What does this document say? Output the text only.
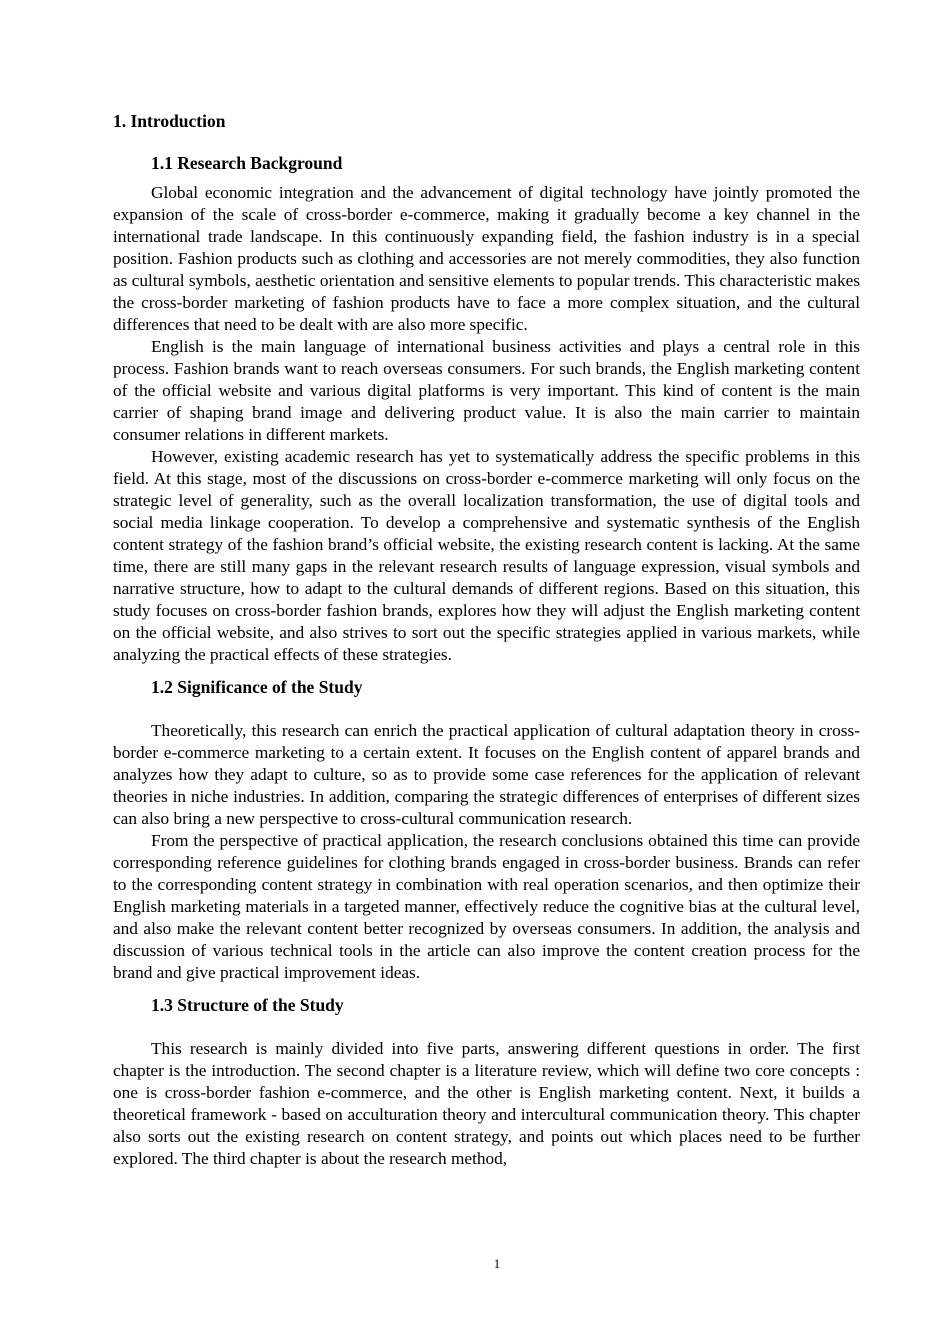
1. Introduction
1.1 Research Background

Global economic integration and the advancement of digital technology have jointly promoted the expansion of the scale of cross-border e-commerce, making it gradually become a key channel in the international trade landscape. In this continuously expanding field, the fashion industry is in a special position. Fashion products such as clothing and accessories are not merely commodities, they also function as cultural symbols, aesthetic orientation and sensitive elements to popular trends. This characteristic makes the cross-border marketing of fashion products have to face a more complex situation, and the cultural differences that need to be dealt with are also more specific.

English is the main language of international business activities and plays a central role in this process. Fashion brands want to reach overseas consumers. For such brands, the English marketing content of the official website and various digital platforms is very important. This kind of content is the main carrier of shaping brand image and delivering product value. It is also the main carrier to maintain consumer relations in different markets.

However, existing academic research has yet to systematically address the specific problems in this field. At this stage, most of the discussions on cross-border e-commerce marketing will only focus on the strategic level of generality, such as the overall localization transformation, the use of digital tools and social media linkage cooperation. To develop a comprehensive and systematic synthesis of the English content strategy of the fashion brand’s official website, the existing research content is lacking. At the same time, there are still many gaps in the relevant research results of language expression, visual symbols and narrative structure, how to adapt to the cultural demands of different regions. Based on this situation, this study focuses on cross-border fashion brands, explores how they will adjust the English marketing content on the official website, and also strives to sort out the specific strategies applied in various markets, while analyzing the practical effects of these strategies.

1.2 Significance of the Study

Theoretically, this research can enrich the practical application of cultural adaptation theory in cross-border e-commerce marketing to a certain extent. It focuses on the English content of apparel brands and analyzes how they adapt to culture, so as to provide some case references for the application of relevant theories in niche industries. In addition, comparing the strategic differences of enterprises of different sizes can also bring a new perspective to cross-cultural communication research.

From the perspective of practical application, the research conclusions obtained this time can provide corresponding reference guidelines for clothing brands engaged in cross-border business. Brands can refer to the corresponding content strategy in combination with real operation scenarios, and then optimize their English marketing materials in a targeted manner, effectively reduce the cognitive bias at the cultural level, and also make the relevant content better recognized by overseas consumers. In addition, the analysis and discussion of various technical tools in the article can also improve the content creation process for the brand and give practical improvement ideas.

1.3 Structure of the Study

This research is mainly divided into five parts, answering different questions in order. The first chapter is the introduction. The second chapter is a literature review, which will define two core concepts : one is cross-border fashion e-commerce, and the other is English marketing content. Next, it builds a theoretical framework - based on acculturation theory and intercultural communication theory. This chapter also sorts out the existing research on content strategy, and points out which places need to be further explored. The third chapter is about the research method,

1
